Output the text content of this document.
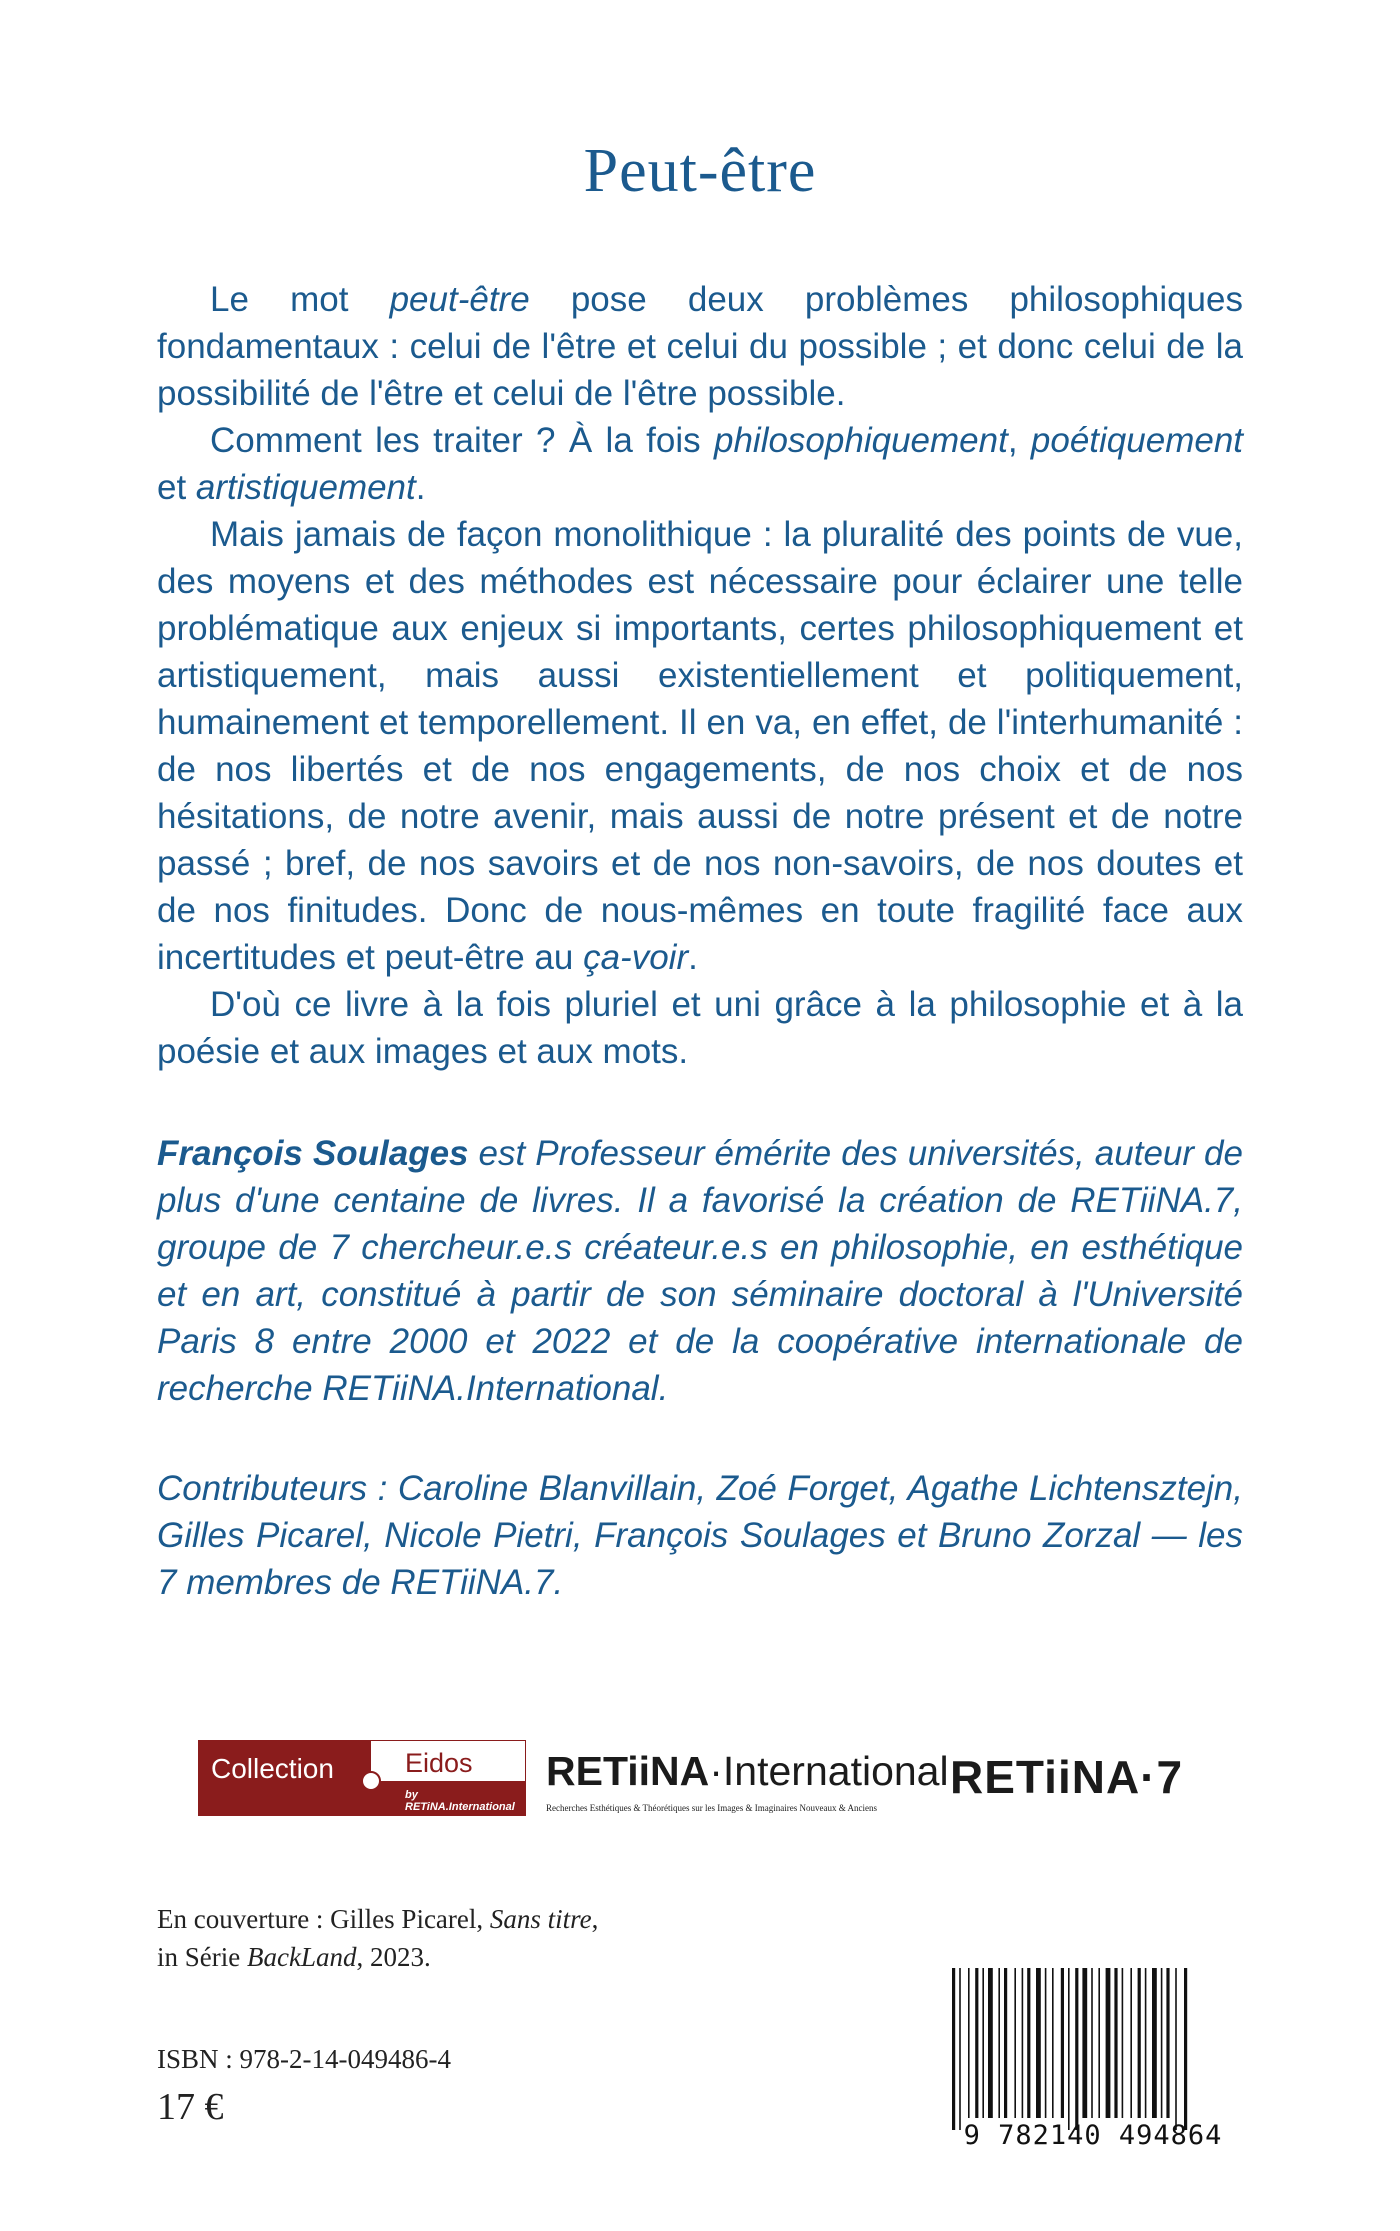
Peut-être

Le mot peut-être pose deux problèmes philosophiques fondamentaux : celui de l'être et celui du possible ; et donc celui de la possibilité de l'être et celui de l'être possible.

Comment les traiter ? À la fois philosophiquement, poétiquement et artistiquement.

Mais jamais de façon monolithique : la pluralité des points de vue, des moyens et des méthodes est nécessaire pour éclairer une telle problématique aux enjeux si importants, certes philosophiquement et artistiquement, mais aussi existentiellement et politiquement, humainement et temporellement. Il en va, en effet, de l'interhumanité : de nos libertés et de nos engagements, de nos choix et de nos hésitations, de notre avenir, mais aussi de notre présent et de notre passé ; bref, de nos savoirs et de nos non-savoirs, de nos doutes et de nos finitudes. Donc de nous-mêmes en toute fragilité face aux incertitudes et peut-être au ça-voir.

D'où ce livre à la fois pluriel et uni grâce à la philosophie et à la poésie et aux images et aux mots.

François Soulages est Professeur émérite des universités, auteur de plus d'une centaine de livres. Il a favorisé la création de RETiiNA.7, groupe de 7 chercheur.e.s créateur.e.s en philosophie, en esthétique et en art, constitué à partir de son séminaire doctoral à l'Université Paris 8 entre 2000 et 2022 et de la coopérative internationale de recherche RETiiNA.International.
Contributeurs : Caroline Blanvillain, Zoé Forget, Agathe Lichtensztejn, Gilles Picarel, Nicole Pietri, François Soulages et Bruno Zorzal — les 7 membres de RETiiNA.7.
Collection	Eidos
by RETiNA.International
RETiiNA·International
Recherches Esthétiques & Théorétiques sur les Images & Imaginaires Nouveaux & Anciens
RETiiNA·7
En couverture : Gilles Picarel, Sans titre,
in Série BackLand, 2023.
ISBN : 978-2-14-049486-4
17 €
9 782140 494864
